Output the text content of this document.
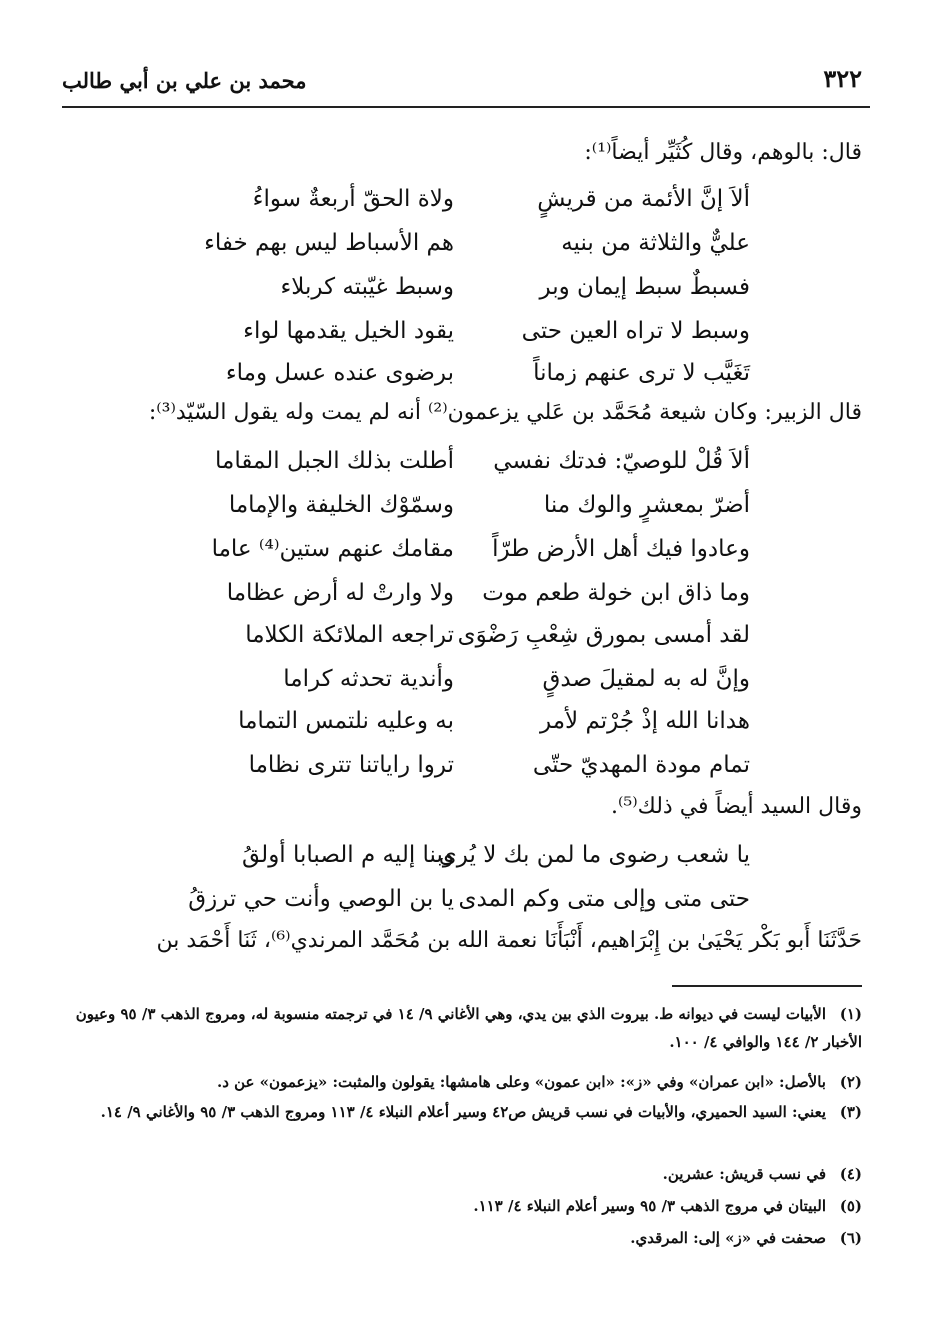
٣٢٢
محمد بن علي بن أبي طالب
قال: بالوهم، وقال كُثَيِّر أيضاً⁽¹⁾:
ألاَ إنَّ الأئمة من قريشٍ
ولاة الحقّ أربعةٌ سواءُ
عليٌّ والثلاثة من بنيه
هم الأسباط ليس بهم خفاء
فسبطٌ سبط إيمان وبر
وسبط غيّبته كربلاء
وسبط لا تراه العين حتى
يقود الخيل يقدمها لواء
تَغَيَّب لا ترى عنهم زماناً
برضوى عنده عسل وماء
قال الزبير: وكان شيعة مُحَمَّد بن عَلي يزعمون⁽²⁾ أنه لم يمت وله يقول السّيّد⁽³⁾:
ألاَ قُلْ للوصيّ: فدتك نفسي
أطلت بذلك الجبل المقاما
أضرّ بمعشرٍ والوك منا
وسمّوْك الخليفة والإماما
وعادوا فيك أهل الأرض طرّاً
مقامك عنهم ستين⁽⁴⁾ عاما
وما ذاق ابن خولة طعم موت
ولا وارتْ له أرض عظاما
لقد أمسى بمورق شِعْبِ رَضْوَى
تراجعه الملائكة الكلاما
وإنَّ له به لمقيلَ صدقٍ
وأندية تحدثه كراما
هدانا الله إذْ جُرْتم لأمر
به وعليه نلتمس التماما
تمام مودة المهديّ حتّى
تروا راياتنا تترى نظاما
وقال السيد أيضاً في ذلك⁽⁵⁾.
يا شعب رضوى ما لمن بك لا يُرى
وبنا إليه م الصبابا أولقُ
حتى متى وإلى متى وكم المدى
يا بن الوصي وأنت حي ترزقُ
حَدَّثَنَا أَبو بَكْر يَحْيَىٰ بن إِبْرَاهيم، أَنْبَأَنَا نعمة الله بن مُحَمَّد المرندي⁽⁶⁾، ثَنَا أَحْمَد بن
(١)الأبيات ليست في ديوانه ط. بيروت الذي بين يدي، وهي الأغاني ٩/ ١٤ في ترجمته منسوبة له، ومروج الذهب ٣/ ٩٥ وعيون الأخبار ٢/ ١٤٤ والوافي ٤/ ١٠٠.
(٢)بالأصل: «ابن عمران» وفي «ز»: «ابن عمون» وعلى هامشها: يقولون والمثبت: «يزعمون» عن د.
(٣)يعني: السيد الحميري، والأبيات في نسب قريش ص٤٢ وسير أعلام النبلاء ٤/ ١١٣ ومروج الذهب ٣/ ٩٥ والأغاني ٩/ ١٤.
(٤)في نسب قريش: عشرين.
(٥)البيتان في مروج الذهب ٣/ ٩٥ وسير أعلام النبلاء ٤/ ١١٣.
(٦)صحفت في «ز» إلى: المرقدي.
